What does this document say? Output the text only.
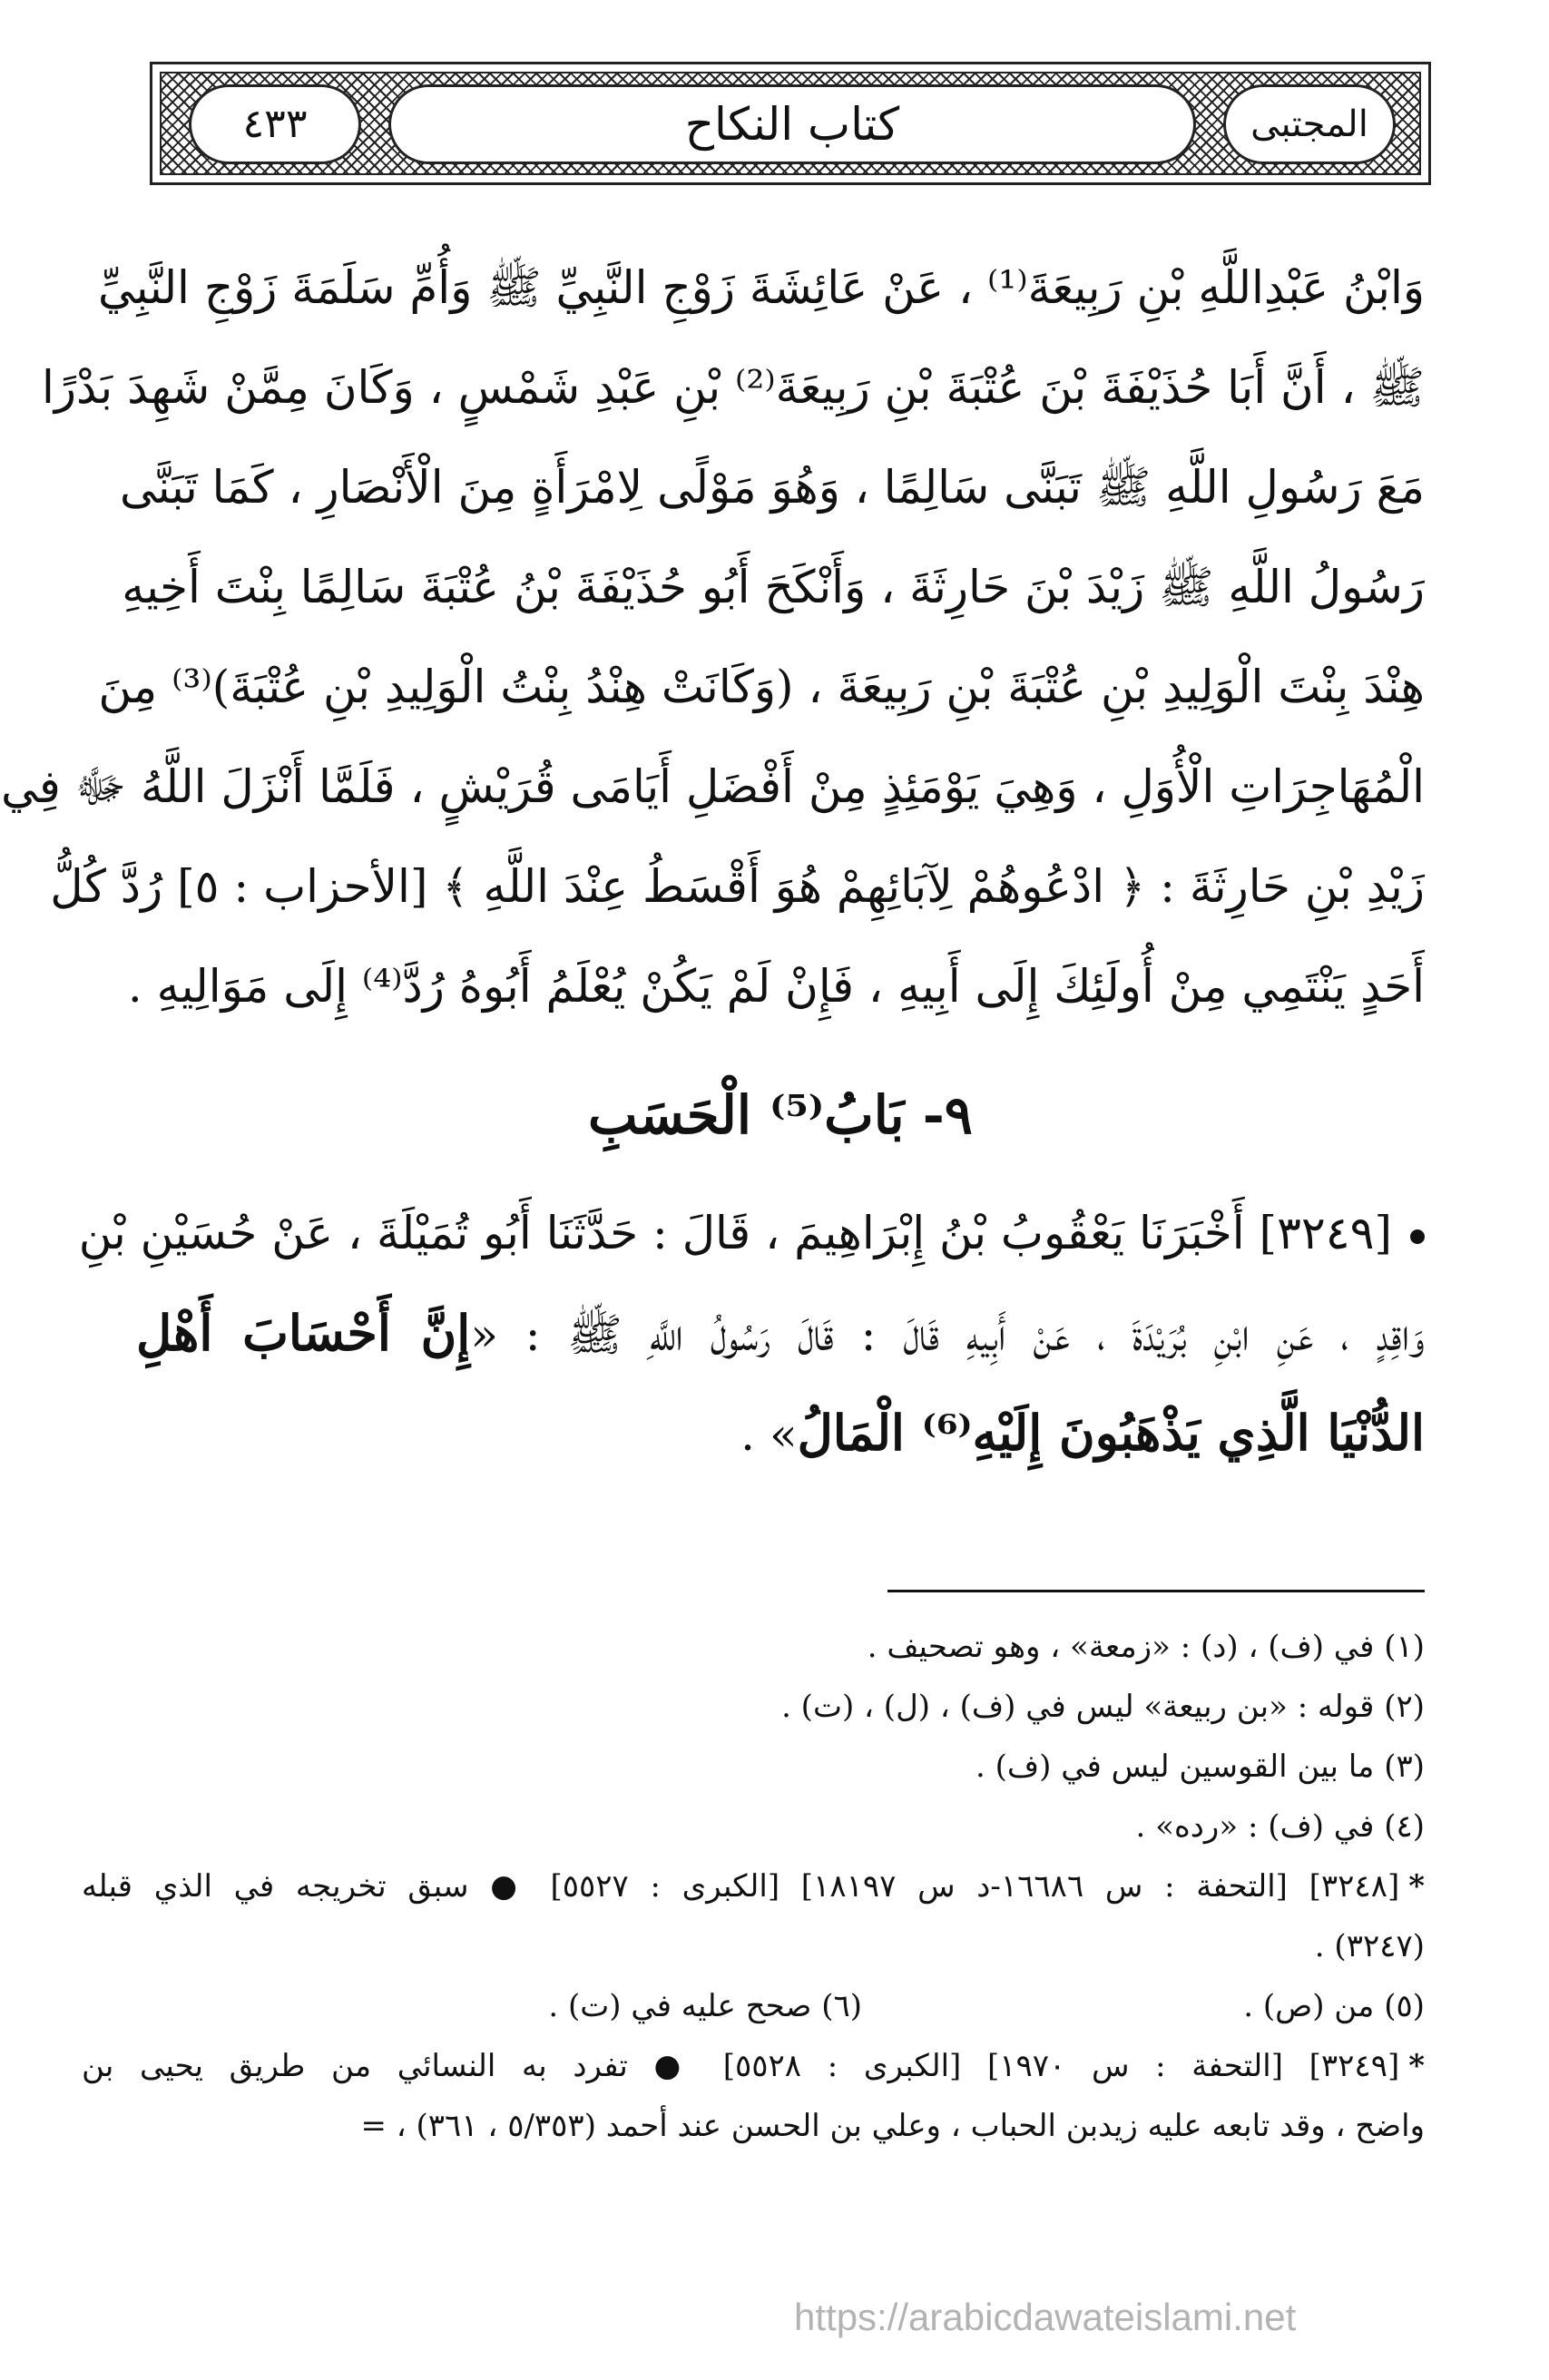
٤٣٣	كتاب النكاح	المجتبى
وَابْنُ عَبْدِاللَّهِ بْنِ رَبِيعَةَ⁽¹⁾ ، عَنْ عَائِشَةَ زَوْجِ النَّبِيِّ ﷺ وَأُمِّ سَلَمَةَ زَوْجِ النَّبِيِّ
ﷺ ، أَنَّ أَبَا حُذَيْفَةَ بْنَ عُتْبَةَ بْنِ رَبِيعَةَ⁽²⁾ بْنِ عَبْدِ شَمْسٍ ، وَكَانَ مِمَّنْ شَهِدَ بَدْرًا
مَعَ رَسُولِ اللَّهِ ﷺ تَبَنَّى سَالِمًا ، وَهُوَ مَوْلًى لِامْرَأَةٍ مِنَ الْأَنْصَارِ ، كَمَا تَبَنَّى
رَسُولُ اللَّهِ ﷺ زَيْدَ بْنَ حَارِثَةَ ، وَأَنْكَحَ أَبُو حُذَيْفَةَ بْنُ عُتْبَةَ سَالِمًا بِنْتَ أَخِيهِ
هِنْدَ بِنْتَ الْوَلِيدِ بْنِ عُتْبَةَ بْنِ رَبِيعَةَ ، (وَكَانَتْ هِنْدُ بِنْتُ الْوَلِيدِ بْنِ عُتْبَةَ)⁽³⁾ مِنَ
الْمُهَاجِرَاتِ الْأُوَلِ ، وَهِيَ يَوْمَئِذٍ مِنْ أَفْضَلِ أَيَامَى قُرَيْشٍ ، فَلَمَّا أَنْزَلَ اللَّهُ ﷻ فِي
زَيْدِ بْنِ حَارِثَةَ : ﴿ ادْعُوهُمْ لِآبَائِهِمْ هُوَ أَقْسَطُ عِنْدَ اللَّهِ ﴾ [الأحزاب : ٥] رُدَّ كُلُّ
أَحَدٍ يَنْتَمِي مِنْ أُولَئِكَ إِلَى أَبِيهِ ، فَإِنْ لَمْ يَكُنْ يُعْلَمُ أَبُوهُ رُدَّ⁽⁴⁾ إِلَى مَوَالِيهِ .
٩- بَابُ⁽⁵⁾ الْحَسَبِ
[٣٢٤٩] أَخْبَرَنَا يَعْقُوبُ بْنُ إِبْرَاهِيمَ ، قَالَ : حَدَّثَنَا أَبُو تُمَيْلَةَ ، عَنْ حُسَيْنِ بْنِ
وَاقِدٍ ، عَنِ ابْنِ بُرَيْدَةَ ، عَنْ أَبِيهِ قَالَ : قَالَ رَسُولُ اللَّهِ ﷺ : «إِنَّ أَحْسَابَ أَهْلِ
الدُّنْيَا الَّذِي يَذْهَبُونَ إِلَيْهِ⁽⁶⁾ الْمَالُ» .
(١) في (ف) ، (د) : «زمعة» ، وهو تصحيف .
(٢) قوله : «بن ربيعة» ليس في (ف) ، (ل) ، (ت) .
(٣) ما بين القوسين ليس في (ف) .
(٤) في (ف) : «رده» .
*[٣٢٤٨] [التحفة : س ١٦٦٨٦-د س ١٨١٩٧] [الكبرى : ٥٥٢٧] ● سبق تخريجه في الذي قبله
(٣٢٤٧) .
(٥) من (ص) .
(٦) صحح عليه في (ت) .
*[٣٢٤٩] [التحفة : س ١٩٧٠] [الكبرى : ٥٥٢٨] ● تفرد به النسائي من طريق يحيى بن
واضح ، وقد تابعه عليه زيدبن الحباب ، وعلي بن الحسن عند أحمد (٥/٣٥٣ ، ٣٦١) ، =
https://arabicdawateislami.net
